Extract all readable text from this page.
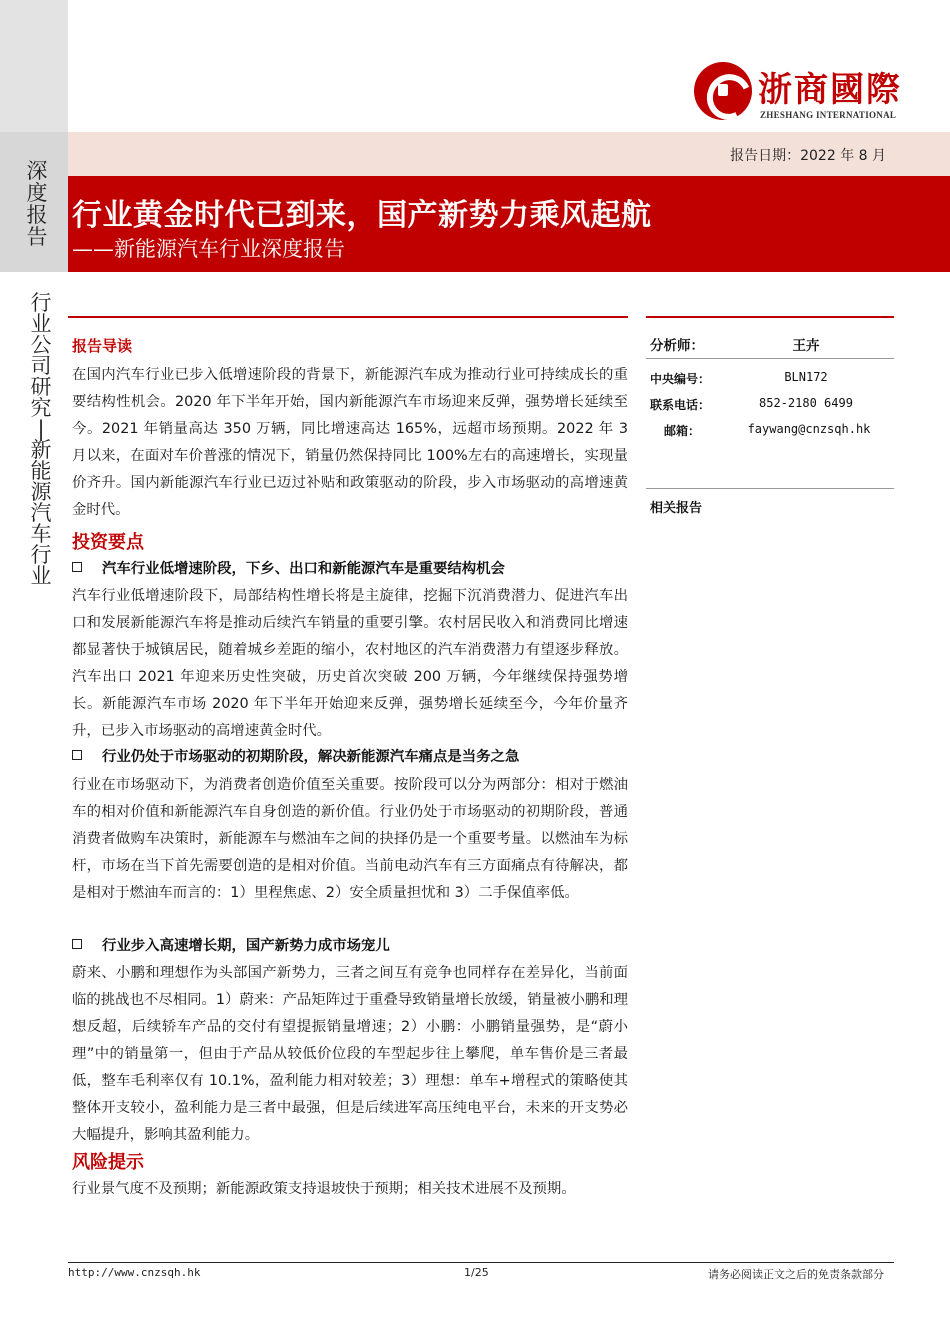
浙商國際
ZHESHANG INTERNATIONAL
报告日期：2022 年 8 月
深度报告
行业公司研究 | 新能源汽车行业
行业黄金时代已到来，国产新势力乘风起航
——新能源汽车行业深度报告
报告导读
在国内汽车行业已步入低增速阶段的背景下，新能源汽车成为推动行业可持续成长的重要结构性机会。2020 年下半年开始，国内新能源汽车市场迎来反弹，强势增长延续至今。2021 年销量高达 350 万辆，同比增速高达 165%，远超市场预期。2022 年 3 月以来，在面对车价普涨的情况下，销量仍然保持同比 100%左右的高速增长，实现量价齐升。国内新能源汽车行业已迈过补贴和政策驱动的阶段，步入市场驱动的高增速黄金时代。
投资要点
汽车行业低增速阶段，下乡、出口和新能源汽车是重要结构机会
汽车行业低增速阶段下，局部结构性增长将是主旋律，挖掘下沉消费潜力、促进汽车出口和发展新能源汽车将是推动后续汽车销量的重要引擎。农村居民收入和消费同比增速都显著快于城镇居民，随着城乡差距的缩小，农村地区的汽车消费潜力有望逐步释放。汽车出口 2021 年迎来历史性突破，历史首次突破 200 万辆，今年继续保持强势增长。新能源汽车市场 2020 年下半年开始迎来反弹，强势增长延续至今，今年价量齐升，已步入市场驱动的高增速黄金时代。
行业仍处于市场驱动的初期阶段，解决新能源汽车痛点是当务之急
行业在市场驱动下，为消费者创造价值至关重要。按阶段可以分为两部分：相对于燃油车的相对价值和新能源汽车自身创造的新价值。行业仍处于市场驱动的初期阶段，普通消费者做购车决策时，新能源车与燃油车之间的抉择仍是一个重要考量。以燃油车为标杆，市场在当下首先需要创造的是相对价值。当前电动汽车有三方面痛点有待解决，都是相对于燃油车而言的：1）里程焦虑、2）安全质量担忧和 3）二手保值率低。
行业步入高速增长期，国产新势力成市场宠儿
蔚来、小鹏和理想作为头部国产新势力，三者之间互有竞争也同样存在差异化，当前面临的挑战也不尽相同。1）蔚来：产品矩阵过于重叠导致销量增长放缓，销量被小鹏和理想反超，后续轿车产品的交付有望提振销量增速；2）小鹏：小鹏销量强势，是“蔚小理”中的销量第一，但由于产品从较低价位段的车型起步往上攀爬，单车售价是三者最低，整车毛利率仅有 10.1%，盈利能力相对较差；3）理想：单车+增程式的策略使其整体开支较小，盈利能力是三者中最强，但是后续进军高压纯电平台，未来的开支势必大幅提升，影响其盈利能力。
风险提示
行业景气度不及预期；新能源政策支持退坡快于预期；相关技术进展不及预期。
分析师：	王卉
中央编号：	BLN172
联系电话：	852-2180 6499
邮箱：	faywang@cnzsqh.hk
相关报告
http://www.cnzsqh.hk	1/25	请务必阅读正文之后的免责条款部分
